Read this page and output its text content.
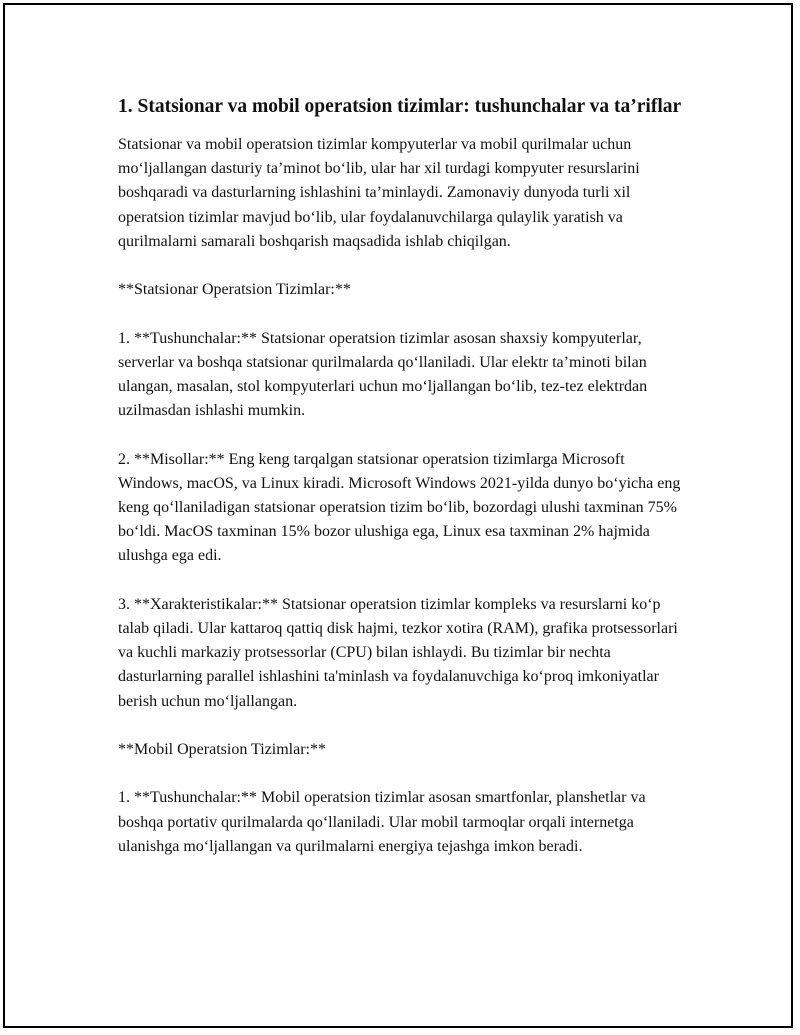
1. Statsionar va mobil operatsion tizimlar: tushunchalar va ta’riflar

Statsionar va mobil operatsion tizimlar kompyuterlar va mobil qurilmalar uchun mo‘ljallangan dasturiy ta’minot bo‘lib, ular har xil turdagi kompyuter resurslarini boshqaradi va dasturlarning ishlashini ta’minlaydi. Zamonaviy dunyoda turli xil operatsion tizimlar mavjud bo‘lib, ular foydalanuvchilarga qulaylik yaratish va qurilmalarni samarali boshqarish maqsadida ishlab chiqilgan.

**Statsionar Operatsion Tizimlar:**

1. **Tushunchalar:** Statsionar operatsion tizimlar asosan shaxsiy kompyuterlar, serverlar va boshqa statsionar qurilmalarda qo‘llaniladi. Ular elektr ta’minoti bilan ulangan, masalan, stol kompyuterlari uchun mo‘ljallangan bo‘lib, tez-tez elektrdan uzilmasdan ishlashi mumkin.

2. **Misollar:** Eng keng tarqalgan statsionar operatsion tizimlarga Microsoft Windows, macOS, va Linux kiradi. Microsoft Windows 2021-yilda dunyo bo‘yicha eng keng qo‘llaniladigan statsionar operatsion tizim bo‘lib, bozordagi ulushi taxminan 75% bo‘ldi. MacOS taxminan 15% bozor ulushiga ega, Linux esa taxminan 2% hajmida ulushga ega edi.

3. **Xarakteristikalar:** Statsionar operatsion tizimlar kompleks va resurslarni ko‘p talab qiladi. Ular kattaroq qattiq disk hajmi, tezkor xotira (RAM), grafika protsessorlari va kuchli markaziy protsessorlar (CPU) bilan ishlaydi. Bu tizimlar bir nechta dasturlarning parallel ishlashini ta'minlash va foydalanuvchiga ko‘proq imkoniyatlar berish uchun mo‘ljallangan.

**Mobil Operatsion Tizimlar:**

1. **Tushunchalar:** Mobil operatsion tizimlar asosan smartfonlar, planshetlar va boshqa portativ qurilmalarda qo‘llaniladi. Ular mobil tarmoqlar orqali internetga ulanishga mo‘ljallangan va qurilmalarni energiya tejashga imkon beradi.
